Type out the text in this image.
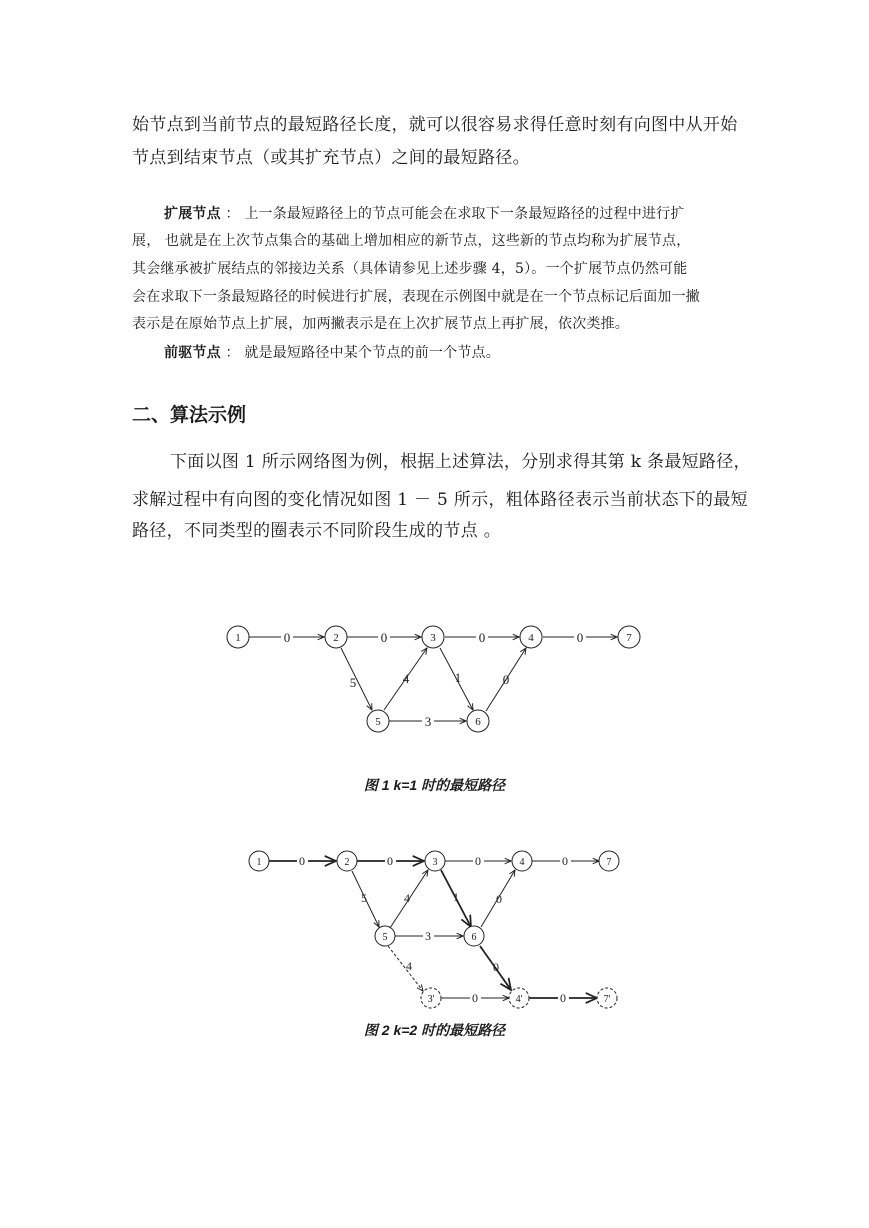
始节点到当前节点的最短路径长度，就可以很容易求得任意时刻有向图中从开始
节点到结束节点（或其扩充节点）之间的最短路径。
扩展节点 ： 上一条最短路径上的节点可能会在求取下一条最短路径的过程中进行扩
展， 也就是在上次节点集合的基础上增加相应的新节点，这些新的节点均称为扩展节点，
其会继承被扩展结点的邻接边关系（具体请参见上述步骤 4，5）。一个扩展节点仍然可能
会在求取下一条最短路径的时候进行扩展，表现在示例图中就是在一个节点标记后面加一撇
表示是在原始节点上扩展，加两撇表示是在上次扩展节点上再扩展，依次类推。
前驱节点 ： 就是最短路径中某个节点的前一个节点。
二、算法示例
下面以图 1 所示网络图为例，根据上述算法，分别求得其第 k 条最短路径，
求解过程中有向图的变化情况如图 1 － 5 所示，粗体路径表示当前状态下的最短
路径，不同类型的圈表示不同阶段生成的节点 。
1	2	3	4	7
5	6
0	0	0	0
5	4	1	0
3
图 1 k=1 时的最短路径
1	2	3	4	7
5	6
3'	4'	7'
0	0	0	0
5	4	1	0
3
0
4
0	0
图 2 k=2 时的最短路径
